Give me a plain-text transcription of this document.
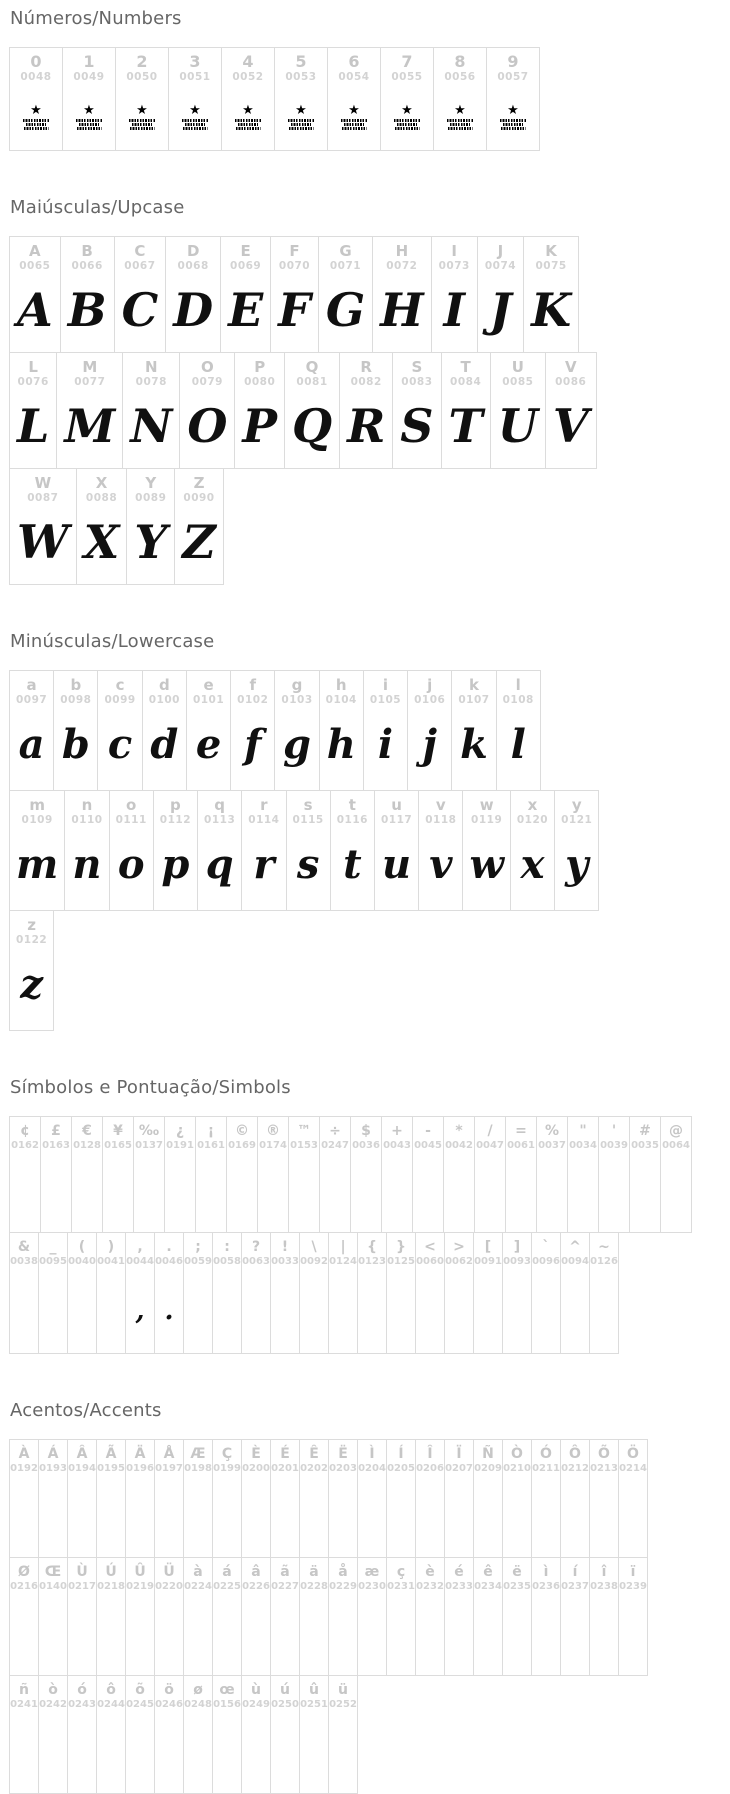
Números/Numbers
0
0048
★
1
0049
★
2
0050
★
3
0051
★
4
0052
★
5
0053
★
6
0054
★
7
0055
★
8
0056
★
9
0057
★
Maiúsculas/Upcase
A
0065
A
B
0066
B
C
0067
C
D
0068
D
E
0069
E
F
0070
F
G
0071
G
H
0072
H
I
0073
I
J
0074
J
K
0075
K
L
0076
L
M
0077
M
N
0078
N
O
0079
O
P
0080
P
Q
0081
Q
R
0082
R
S
0083
S
T
0084
T
U
0085
U
V
0086
V
W
0087
W
X
0088
X
Y
0089
Y
Z
0090
Z
Minúsculas/Lowercase
a
0097
a
b
0098
b
c
0099
c
d
0100
d
e
0101
e
f
0102
f
g
0103
g
h
0104
h
i
0105
i
j
0106
j
k
0107
k
l
0108
l
m
0109
m
n
0110
n
o
0111
o
p
0112
p
q
0113
q
r
0114
r
s
0115
s
t
0116
t
u
0117
u
v
0118
v
w
0119
w
x
0120
x
y
0121
y
z
0122
z
Símbolos e Pontuação/Simbols
¢
0162
£
0163
€
0128
¥
0165
‰
0137
¿
0191
¡
0161
©
0169
®
0174
™
0153
÷
0247
$
0036
+
0043
-
0045
*
0042
/
0047
=
0061
%
0037
"
0034
'
0039
#
0035
@
0064
&
0038
_
0095
(
0040
)
0041
,
0044
,
.
0046
.
;
0059
:
0058
?
0063
!
0033
\
0092
|
0124
{
0123
}
0125
<
0060
>
0062
[
0091
]
0093
`
0096
^
0094
~
0126
Acentos/Accents
À
0192
Á
0193
Â
0194
Ã
0195
Ä
0196
Å
0197
Æ
0198
Ç
0199
È
0200
É
0201
Ê
0202
Ë
0203
Ì
0204
Í
0205
Î
0206
Ï
0207
Ñ
0209
Ò
0210
Ó
0211
Ô
0212
Õ
0213
Ö
0214
Ø
0216
Œ
0140
Ù
0217
Ú
0218
Û
0219
Ü
0220
à
0224
á
0225
â
0226
ã
0227
ä
0228
å
0229
æ
0230
ç
0231
è
0232
é
0233
ê
0234
ë
0235
ì
0236
í
0237
î
0238
ï
0239
ñ
0241
ò
0242
ó
0243
ô
0244
õ
0245
ö
0246
ø
0248
œ
0156
ù
0249
ú
0250
û
0251
ü
0252
